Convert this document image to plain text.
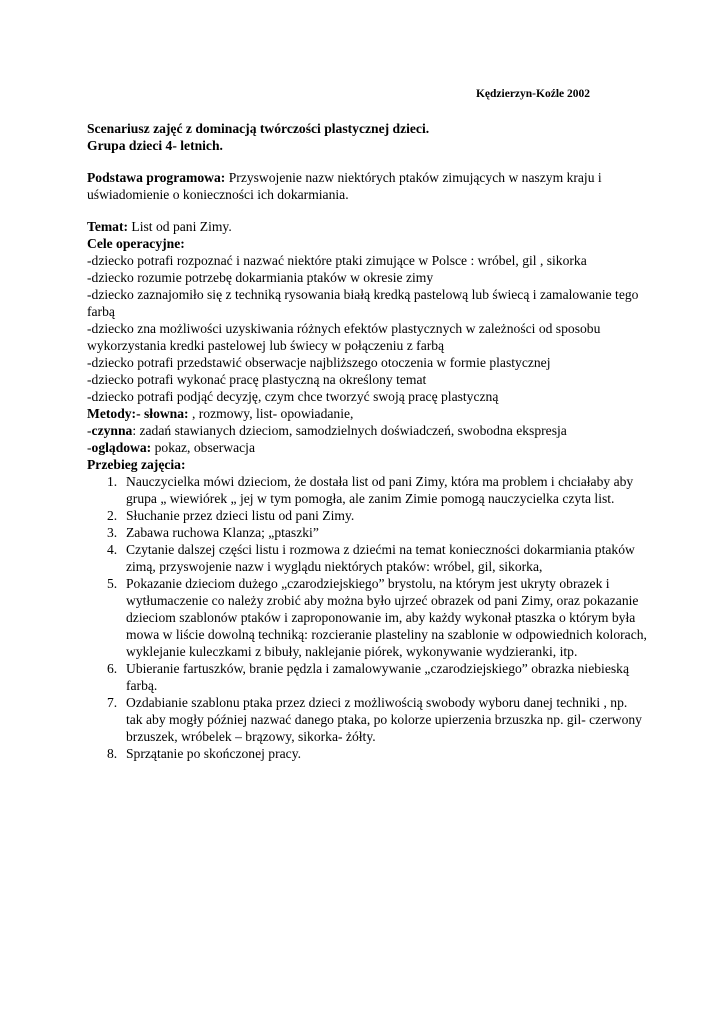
Kędzierzyn-Koźle 2002
Scenariusz zajęć z dominacją twórczości plastycznej dzieci.
Grupa dzieci 4- letnich.
Podstawa programowa: Przyswojenie nazw niektórych ptaków zimujących w naszym kraju i uświadomienie o konieczności ich dokarmiania.
Temat: List od pani Zimy.
Cele operacyjne:
-dziecko potrafi rozpoznać i nazwać niektóre ptaki zimujące w Polsce : wróbel, gil , sikorka
-dziecko rozumie potrzebę dokarmiania ptaków w okresie zimy
-dziecko zaznajomiło się z techniką rysowania białą kredką pastelową lub świecą i zamalowanie tego farbą
-dziecko zna możliwości uzyskiwania różnych efektów plastycznych w zależności od sposobu wykorzystania kredki pastelowej lub świecy w połączeniu z farbą
-dziecko potrafi przedstawić obserwacje najbliższego otoczenia w formie plastycznej
-dziecko potrafi wykonać pracę plastyczną na określony temat
-dziecko potrafi podjąć decyzję, czym chce tworzyć swoją pracę plastyczną
Metody:- słowna: , rozmowy, list- opowiadanie,
-czynna: zadań stawianych dzieciom, samodzielnych doświadczeń, swobodna ekspresja
-oglądowa: pokaz, obserwacja
Przebieg zajęcia:
1. Nauczycielka mówi dzieciom, że dostała list od pani Zimy, która ma problem i chciałaby aby grupa „ wiewiórek „ jej w tym pomogła, ale zanim Zimie pomogą nauczycielka czyta list.
2. Słuchanie przez dzieci listu od pani Zimy.
3. Zabawa ruchowa Klanza; „ptaszki”
4. Czytanie dalszej części listu i rozmowa z dziećmi na temat konieczności dokarmiania ptaków zimą, przyswojenie nazw i wyglądu niektórych ptaków: wróbel, gil, sikorka,
5. Pokazanie dzieciom dużego „czarodziejskiego” brystolu, na którym jest ukryty obrazek i wytłumaczenie co należy zrobić aby można było ujrzeć obrazek od pani Zimy, oraz pokazanie dzieciom szablonów ptaków i zaproponowanie im, aby każdy wykonał ptaszka o którym była mowa w liście dowolną techniką: rozcieranie plasteliny na szablonie w odpowiednich kolorach, wyklejanie kuleczkami z bibuły, naklejanie piórek, wykonywanie wydzieranki, itp.
6. Ubieranie fartuszków, branie pędzla i zamalowywanie „czarodziejskiego” obrazka niebieską farbą.
7. Ozdabianie szablonu ptaka przez dzieci z możliwością swobody wyboru danej techniki , np. tak aby mogły później nazwać danego ptaka, po kolorze upierzenia brzuszka np. gil- czerwony brzuszek, wróbelek – brązowy, sikorka- żółty.
8. Sprzątanie po skończonej pracy.
